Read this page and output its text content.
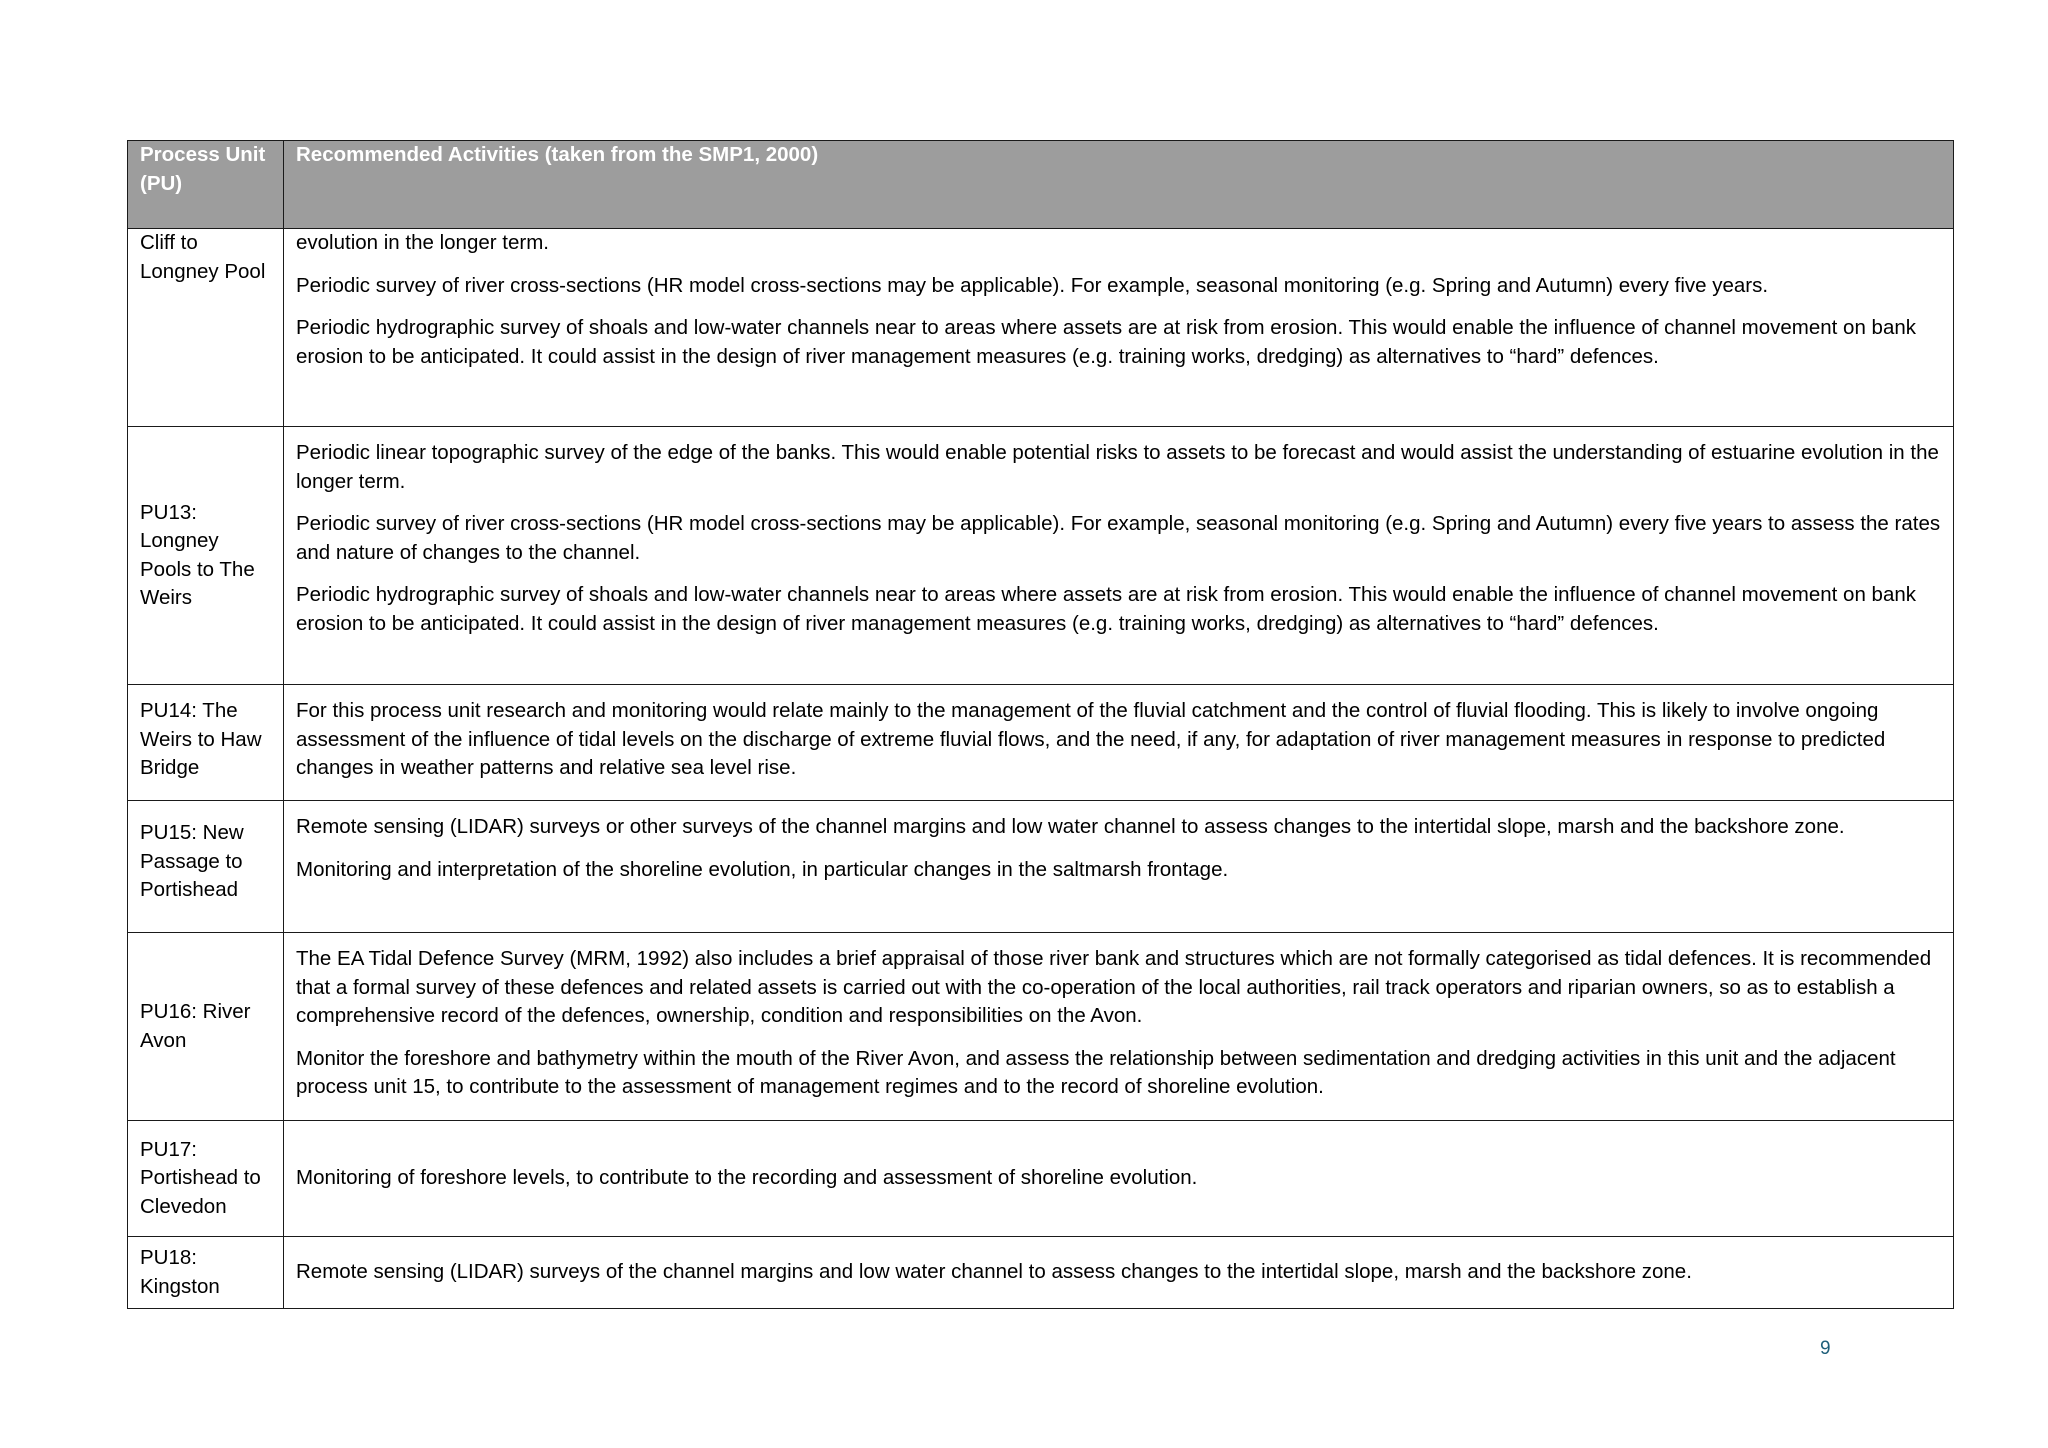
Process Unit (PU)	Recommended Activities (taken from the SMP1, 2000)
Cliff to Longney Pool	evolution in the longer term.

Periodic survey of river cross-sections (HR model cross-sections may be applicable). For example, seasonal monitoring (e.g. Spring and Autumn) every five years.

Periodic hydrographic survey of shoals and low-water channels near to areas where assets are at risk from erosion. This would enable the influence of channel movement on bank erosion to be anticipated. It could assist in the design of river management measures (e.g. training works, dredging) as alternatives to “hard” defences.

PU13: Longney Pools to The Weirs	Periodic linear topographic survey of the edge of the banks. This would enable potential risks to assets to be forecast and would assist the understanding of estuarine evolution in the longer term.

Periodic survey of river cross-sections (HR model cross-sections may be applicable). For example, seasonal monitoring (e.g. Spring and Autumn) every five years to assess the rates and nature of changes to the channel.

Periodic hydrographic survey of shoals and low-water channels near to areas where assets are at risk from erosion. This would enable the influence of channel movement on bank erosion to be anticipated. It could assist in the design of river management measures (e.g. training works, dredging) as alternatives to “hard” defences.

PU14: The Weirs to Haw Bridge	For this process unit research and monitoring would relate mainly to the management of the fluvial catchment and the control of fluvial flooding. This is likely to involve ongoing assessment of the influence of tidal levels on the discharge of extreme fluvial flows, and the need, if any, for adaptation of river management measures in response to predicted changes in weather patterns and relative sea level rise.

PU15: New Passage to Portishead	Remote sensing (LIDAR) surveys or other surveys of the channel margins and low water channel to assess changes to the intertidal slope, marsh and the backshore zone.

Monitoring and interpretation of the shoreline evolution, in particular changes in the saltmarsh frontage.

PU16: River Avon	The EA Tidal Defence Survey (MRM, 1992) also includes a brief appraisal of those river bank and structures which are not formally categorised as tidal defences. It is recommended that a formal survey of these defences and related assets is carried out with the co-operation of the local authorities, rail track operators and riparian owners, so as to establish a comprehensive record of the defences, ownership, condition and responsibilities on the Avon.

Monitor the foreshore and bathymetry within the mouth of the River Avon, and assess the relationship between sedimentation and dredging activities in this unit and the adjacent process unit 15, to contribute to the assessment of management regimes and to the record of shoreline evolution.

PU17: Portishead to Clevedon	Monitoring of foreshore levels, to contribute to the recording and assessment of shoreline evolution.

PU18: Kingston	Remote sensing (LIDAR) surveys of the channel margins and low water channel to assess changes to the intertidal slope, marsh and the backshore zone.

9
